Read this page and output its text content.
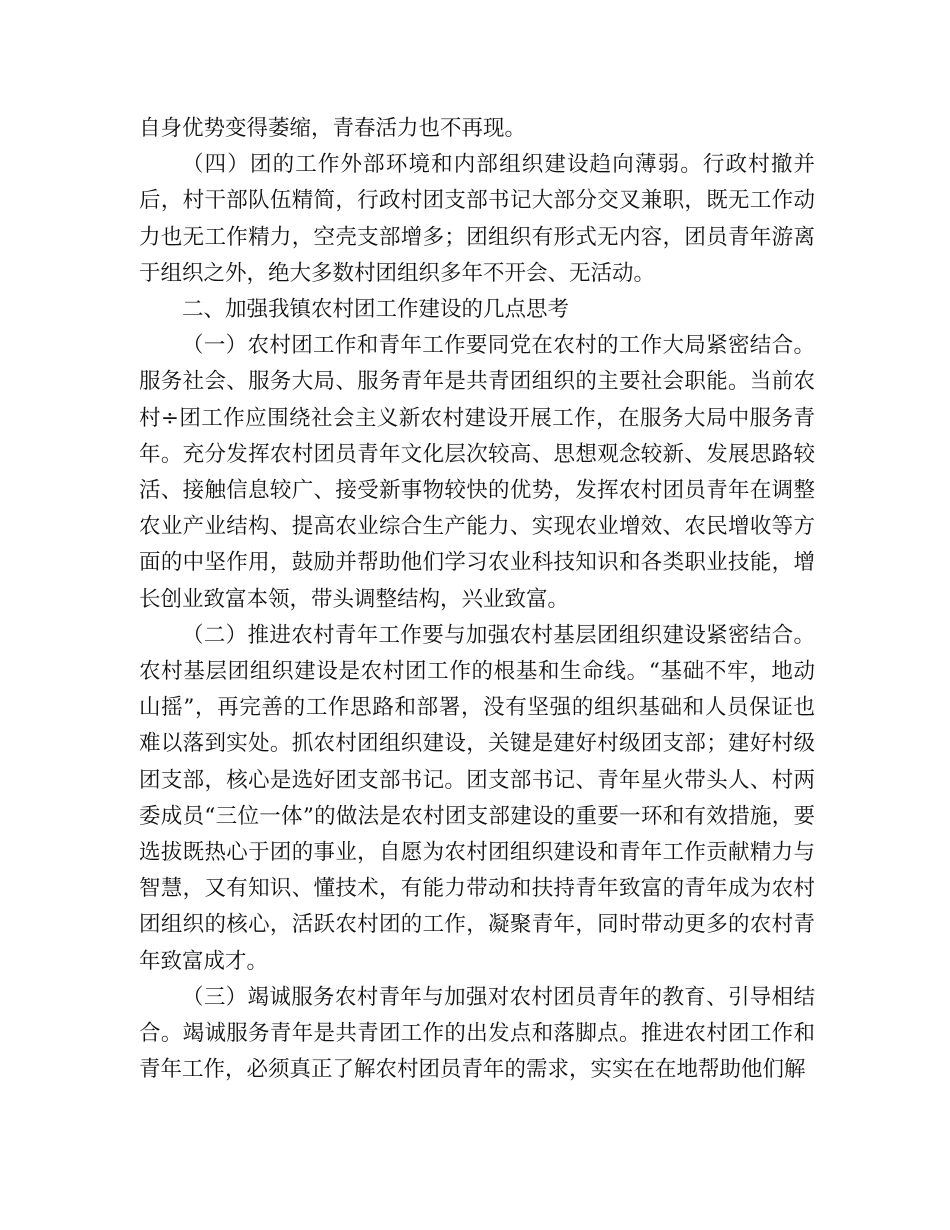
自身优势变得萎缩，青春活力也不再现。

（四）团的工作外部环境和内部组织建设趋向薄弱。行政村撤并后，村干部队伍精简，行政村团支部书记大部分交叉兼职，既无工作动力也无工作精力，空壳支部增多；团组织有形式无内容，团员青年游离于组织之外，绝大多数村团组织多年不开会、无活动。

二、加强我镇农村团工作建设的几点思考

（一）农村团工作和青年工作要同党在农村的工作大局紧密结合。服务社会、服务大局、服务青年是共青团组织的主要社会职能。当前农村÷团工作应围绕社会主义新农村建设开展工作，在服务大局中服务青年。充分发挥农村团员青年文化层次较高、思想观念较新、发展思路较活、接触信息较广、接受新事物较快的优势，发挥农村团员青年在调整农业产业结构、提高农业综合生产能力、实现农业增效、农民增收等方面的中坚作用，鼓励并帮助他们学习农业科技知识和各类职业技能，增长创业致富本领，带头调整结构，兴业致富。

（二）推进农村青年工作要与加强农村基层团组织建设紧密结合。农村基层团组织建设是农村团工作的根基和生命线。“基础不牢，地动山摇”，再完善的工作思路和部署，没有坚强的组织基础和人员保证也难以落到实处。抓农村团组织建设，关键是建好村级团支部；建好村级团支部，核心是选好团支部书记。团支部书记、青年星火带头人、村两委成员“三位一体”的做法是农村团支部建设的重要一环和有效措施，要选拔既热心于团的事业，自愿为农村团组织建设和青年工作贡献精力与智慧，又有知识、懂技术，有能力带动和扶持青年致富的青年成为农村团组织的核心，活跃农村团的工作，凝聚青年，同时带动更多的农村青年致富成才。

（三）竭诚服务农村青年与加强对农村团员青年的教育、引导相结合。竭诚服务青年是共青团工作的出发点和落脚点。推进农村团工作和青年工作，必须真正了解农村团员青年的需求，实实在在地帮助他们解
